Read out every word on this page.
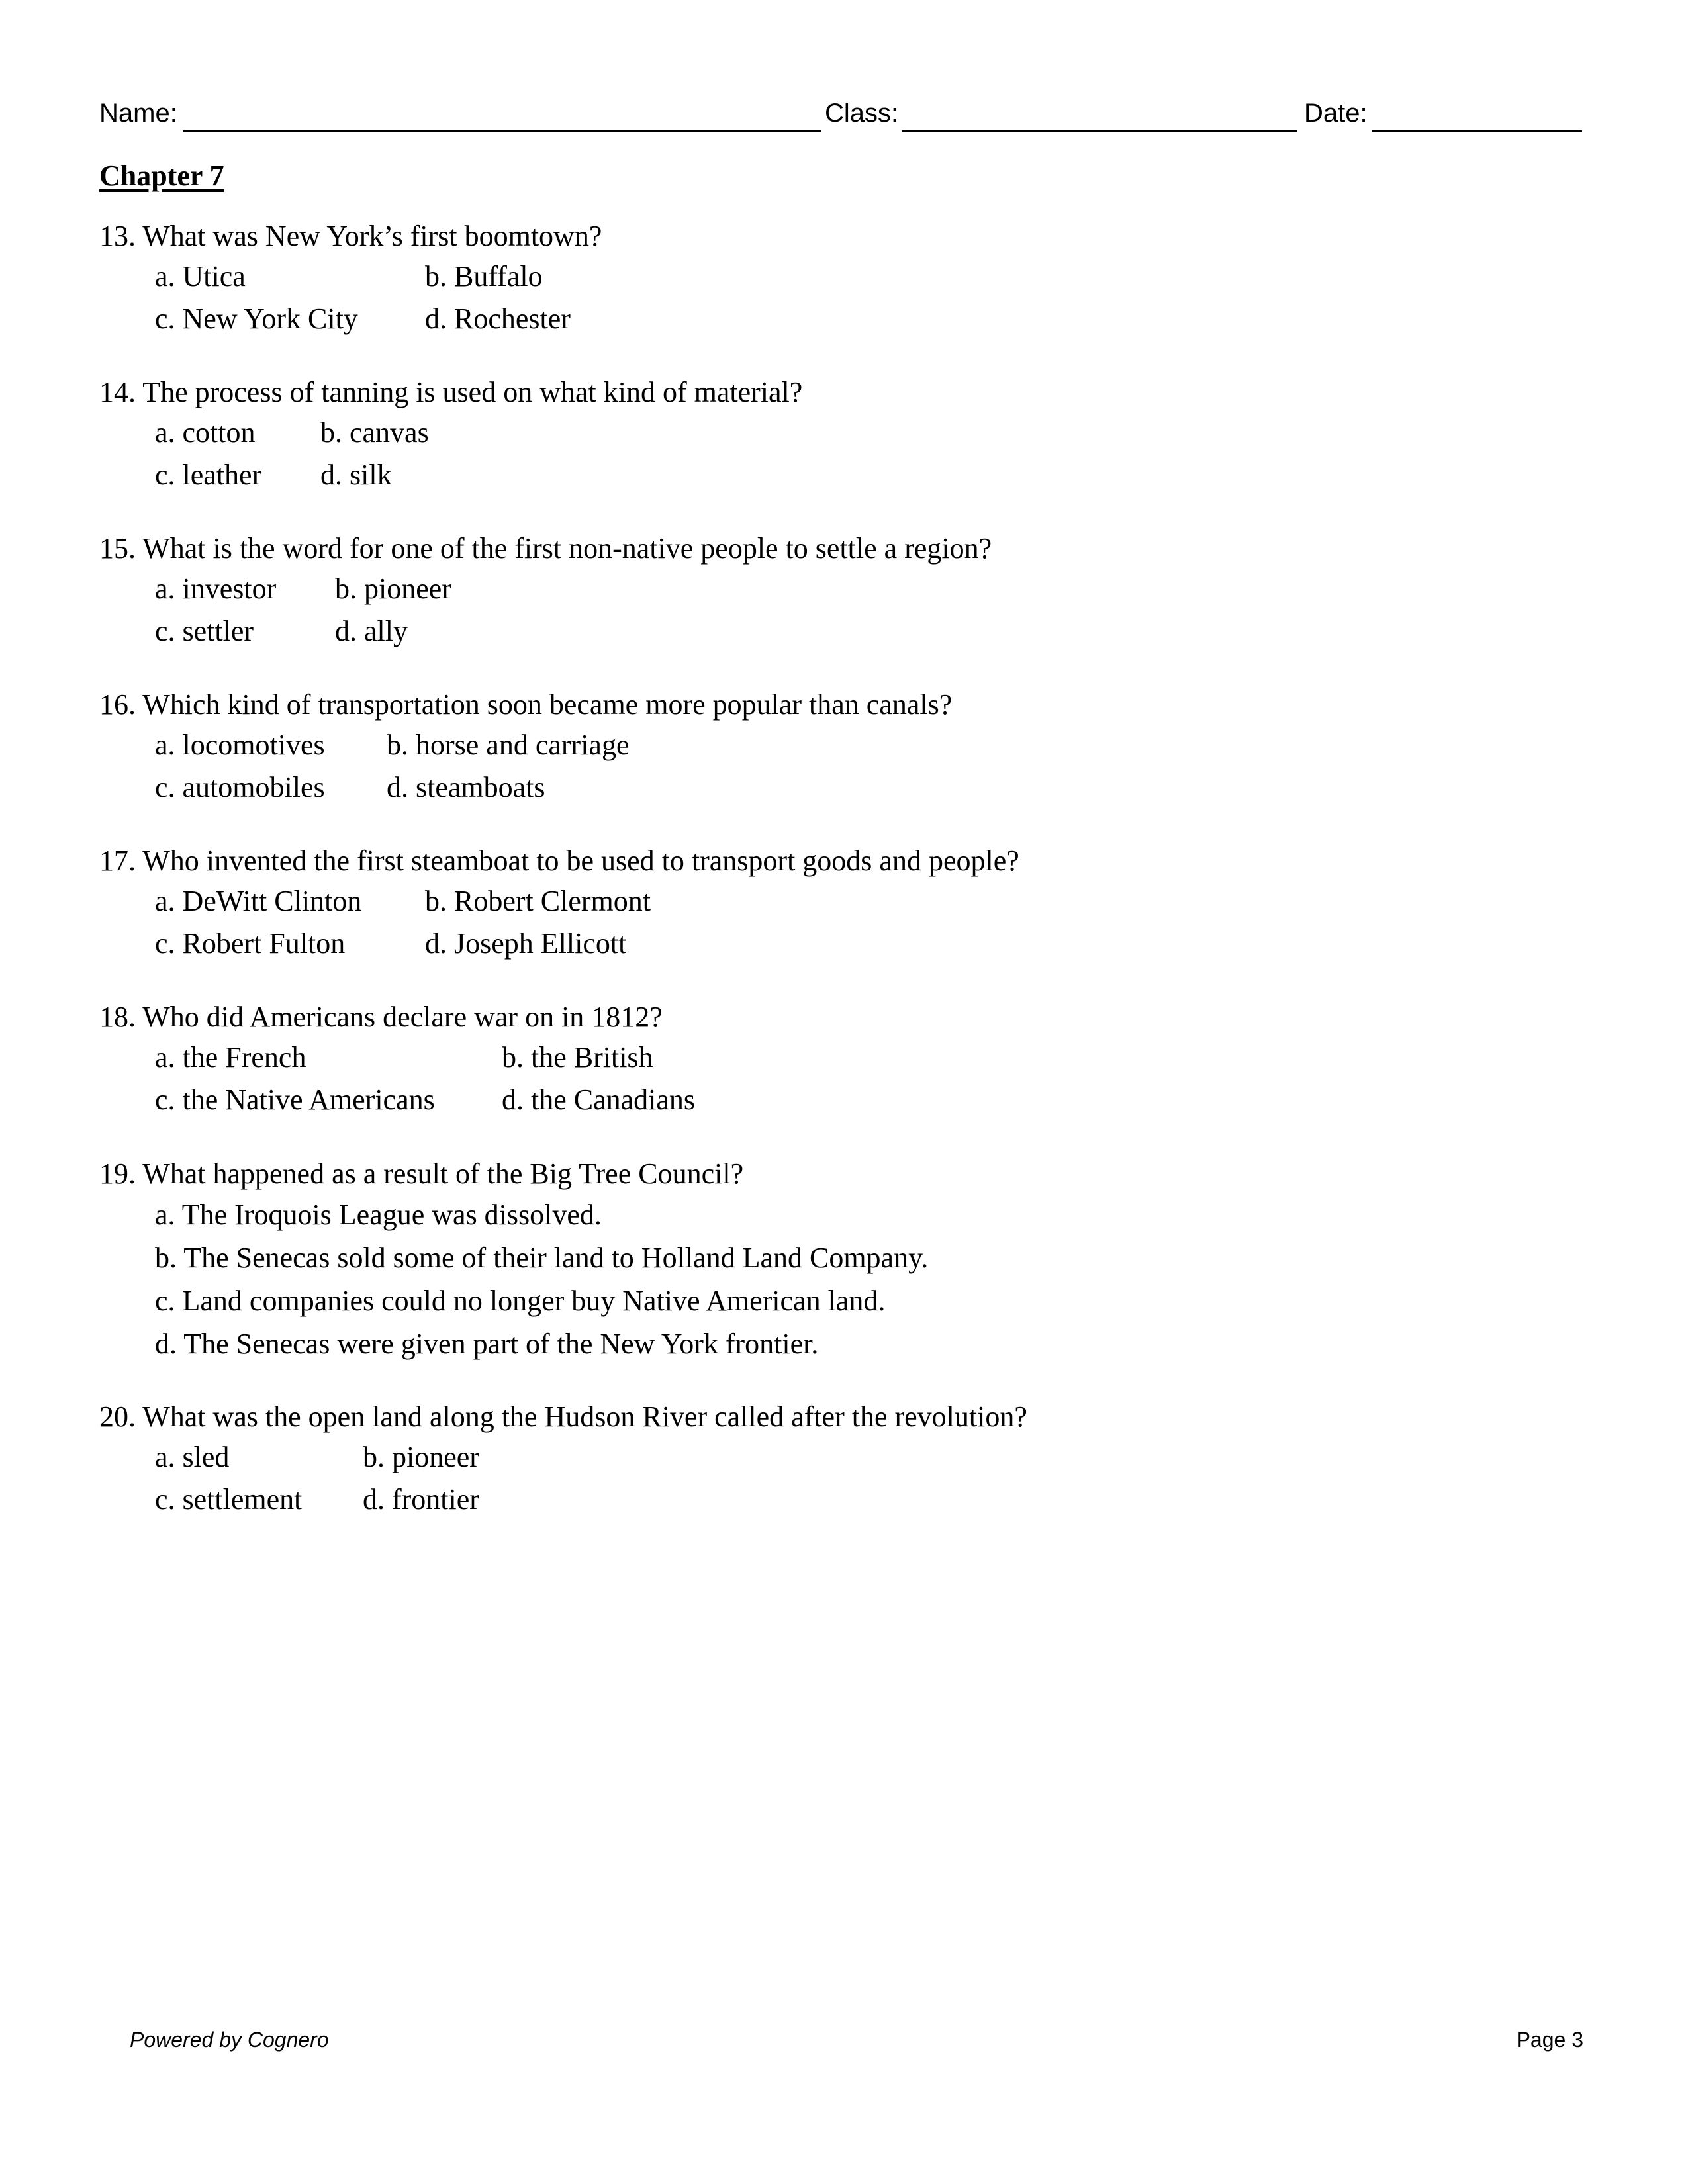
Name:	Class:	Date:
Chapter 7
13. What was New York’s first boomtown?
a. Utica	b. Buffalo
c. New York City	d. Rochester
14. The process of tanning is used on what kind of material?
a. cotton	b. canvas
c. leather	d. silk
15. What is the word for one of the first non-native people to settle a region?
a. investor	b. pioneer
c. settler	d. ally
16. Which kind of transportation soon became more popular than canals?
a. locomotives	b. horse and carriage
c. automobiles	d. steamboats
17. Who invented the first steamboat to be used to transport goods and people?
a. DeWitt Clinton	b. Robert Clermont
c. Robert Fulton	d. Joseph Ellicott
18. Who did Americans declare war on in 1812?
a. the French	b. the British
c. the Native Americans	d. the Canadians
19. What happened as a result of the Big Tree Council?
a. The Iroquois League was dissolved.
b. The Senecas sold some of their land to Holland Land Company.
c. Land companies could no longer buy Native American land.
d. The Senecas were given part of the New York frontier.
20. What was the open land along the Hudson River called after the revolution?
a. sled	b. pioneer
c. settlement	d. frontier
Powered by Cognero	Page 3
